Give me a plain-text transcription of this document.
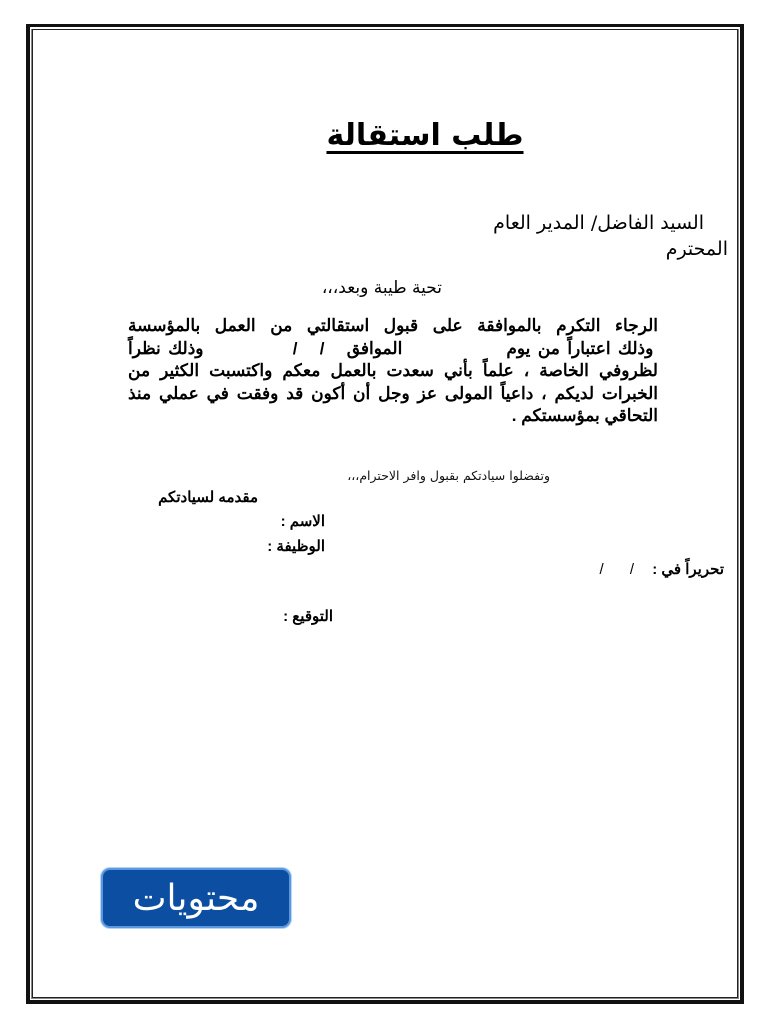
طلب استقالة
السيد الفاضل/ المدير العام
المحترم
تحية طيبة وبعد،،،
الرجاء التكرم بالموافقة على قبول استقالتي من العمل بالمؤسسة
وذلك اعتباراً من يوم              الموافق   /   /            وذلك نظراً
لظروفي الخاصة ، علماً بأني سعدت بالعمل معكم واكتسبت الكثير من
الخبرات لديكم ، داعياً المولى عز وجل أن أكون قد وفقت في عملي منذ
التحاقي بمؤسستكم .
وتفضلوا سيادتكم بقبول وافر الاحترام،،،
مقدمه لسيادتكم
الاسم :
الوظيفة :
تحريراً في : / /
التوقيع :
محتويات
